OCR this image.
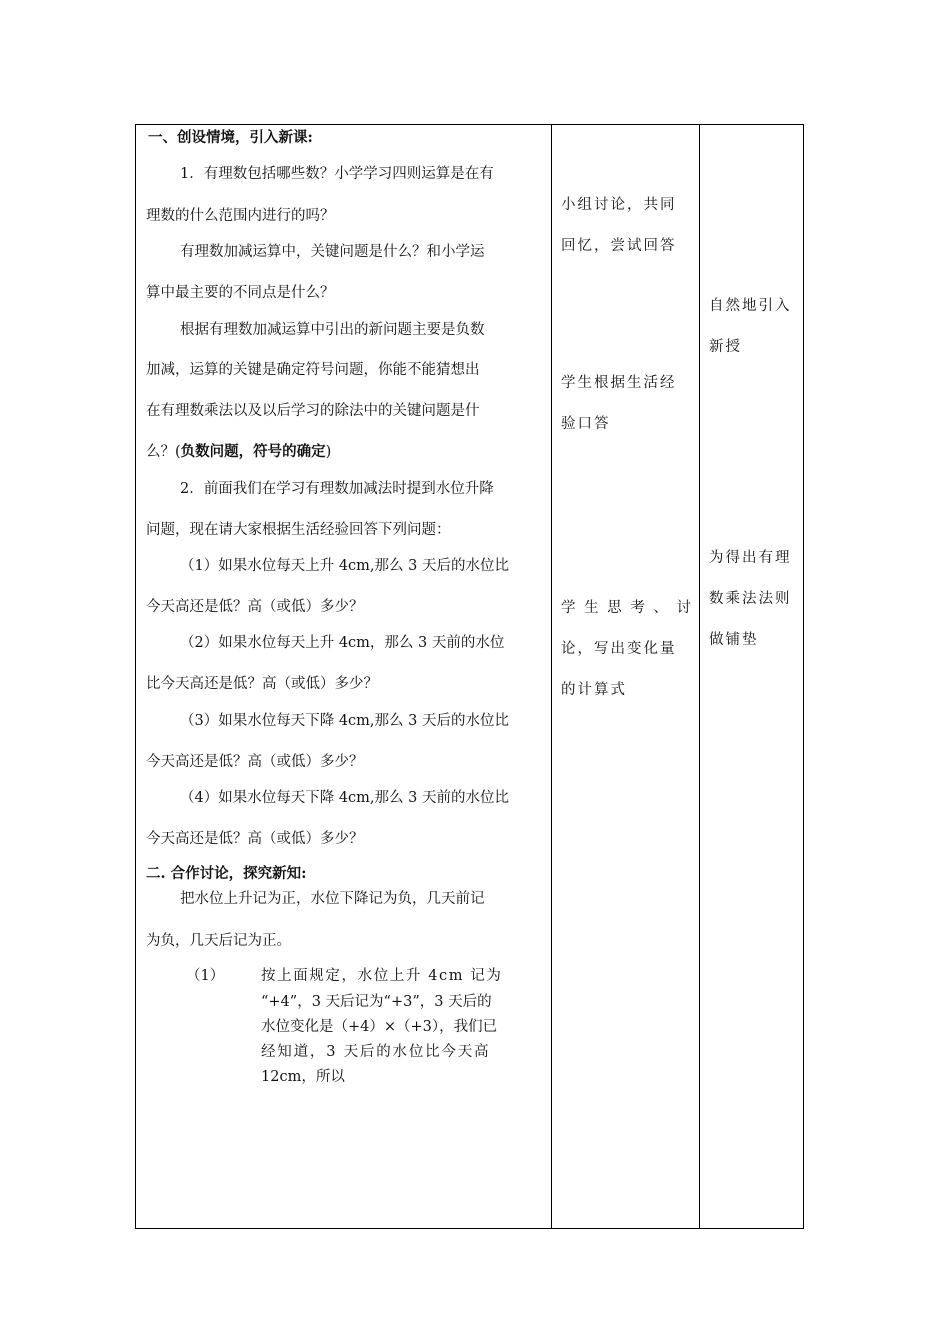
一、创设情境，引入新课:
1．有理数包括哪些数？小学学习四则运算是在有
理数的什么范围内进行的吗？
有理数加减运算中，关键问题是什么？和小学运
算中最主要的不同点是什么？
根据有理数加减运算中引出的新问题主要是负数
加减，运算的关键是确定符号问题，你能不能猜想出
在有理数乘法以及以后学习的除法中的关键问题是什
么？(负数问题，符号的确定)
2．前面我们在学习有理数加减法时提到水位升降
问题，现在请大家根据生活经验回答下列问题：
（1）如果水位每天上升 4cm,那么 3 天后的水位比
今天高还是低？高（或低）多少？
（2）如果水位每天上升 4cm，那么 3 天前的水位
比今天高还是低？高（或低）多少？
（3）如果水位每天下降 4cm,那么 3 天后的水位比
今天高还是低？高（或低）多少？
（4）如果水位每天下降 4cm,那么 3 天前的水位比
今天高还是低？高（或低）多少？
二. 合作讨论，探究新知:
把水位上升记为正，水位下降记为负，几天前记
为负，几天后记为正。
（1）	按上面规定，水位上升 4cm 记为
“+4”，3 天后记为“+3”，3 天后的
水位变化是（+4）×（+3），我们已
经知道，3 天后的水位比今天高
12cm，所以
小组讨论，共同
回忆，尝试回答
学生根据生活经
验口答
学 生 思 考 、 讨
论，写出变化量
的计算式
自然地引入
新授
为得出有理
数乘法法则
做铺垫
